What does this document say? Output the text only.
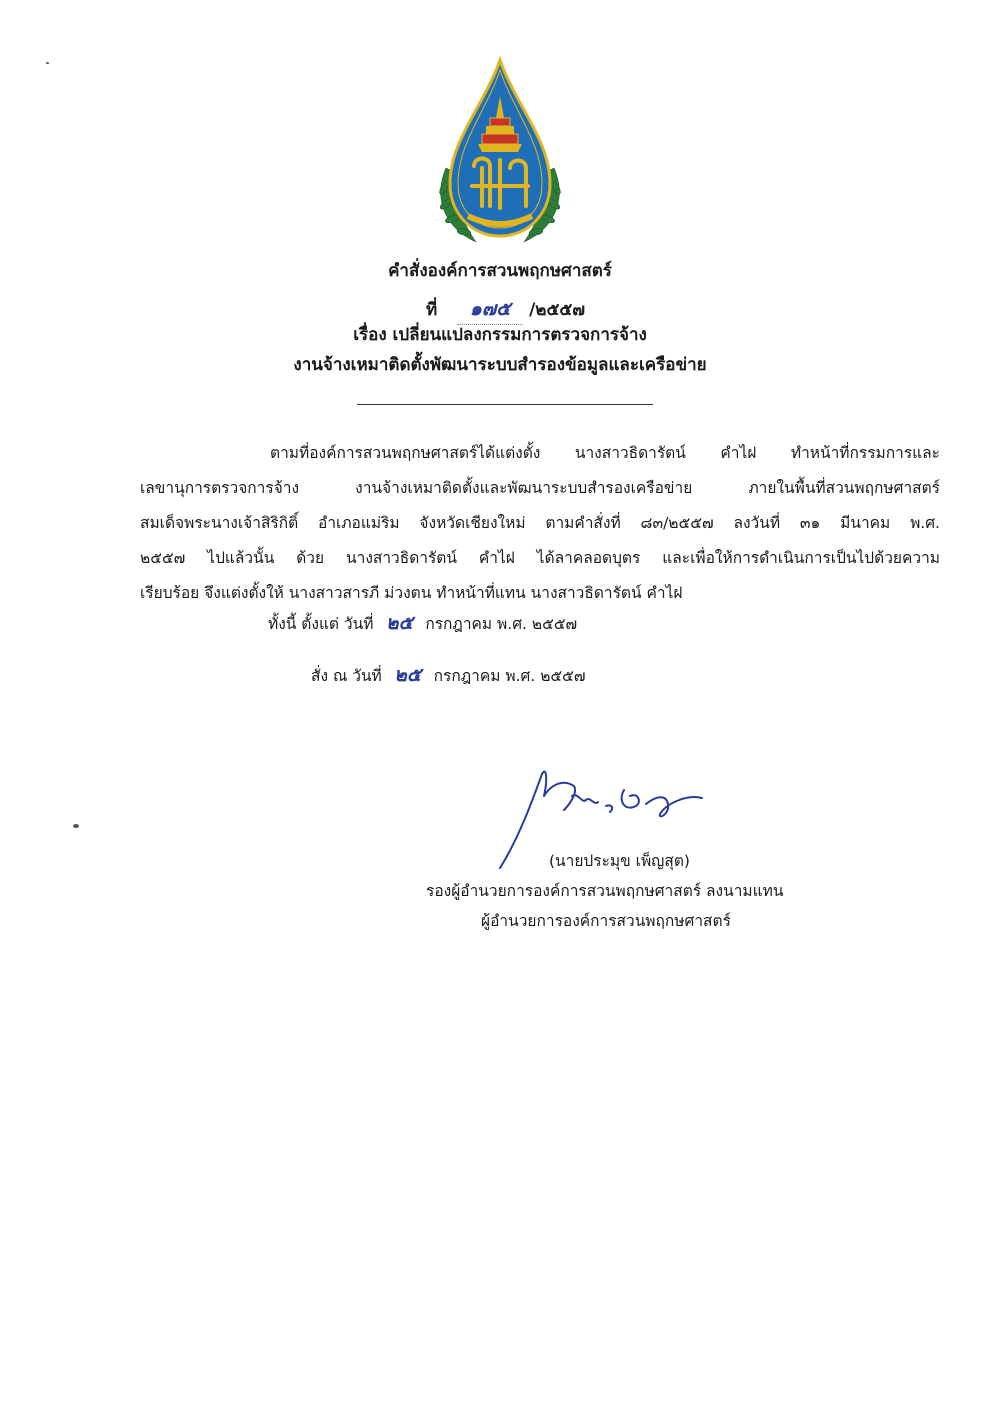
คำสั่งองค์การสวนพฤกษศาสตร์
ที่ ๑๗๕ /๒๕๕๗
เรื่อง เปลี่ยนแปลงกรรมการตรวจการจ้าง
งานจ้างเหมาติดตั้งพัฒนาระบบสำรองข้อมูลและเครือข่าย
ตามที่องค์การสวนพฤกษศาสตร์ได้แต่งตั้ง นางสาวธิดารัตน์ คำไฝ ทำหน้าที่กรรมการและ
เลขานุการตรวจการจ้าง งานจ้างเหมาติดตั้งและพัฒนาระบบสำรองเครือข่าย ภายในพื้นที่สวนพฤกษศาสตร์
สมเด็จพระนางเจ้าสิริกิติ์ อำเภอแม่ริม จังหวัดเชียงใหม่ ตามคำสั่งที่ ๘๓/๒๕๕๗ ลงวันที่ ๓๑ มีนาคม พ.ศ.
๒๕๕๗ ไปแล้วนั้น ด้วย นางสาวธิดารัตน์ คำไฝ ได้ลาคลอดบุตร และเพื่อให้การดำเนินการเป็นไปด้วยความ
เรียบร้อย จึงแต่งตั้งให้ นางสาวสารภี ม่วงตน ทำหน้าที่แทน นางสาวธิดารัตน์ คำไฝ
ทั้งนี้ ตั้งแต่ วันที่ ๒๕ กรกฎาคม พ.ศ. ๒๕๕๗
สั่ง ณ วันที่ ๒๕ กรกฎาคม พ.ศ. ๒๕๕๗
(นายประมุข เพ็ญสุต)
รองผู้อำนวยการองค์การสวนพฤกษศาสตร์ ลงนามแทน
ผู้อำนวยการองค์การสวนพฤกษศาสตร์
